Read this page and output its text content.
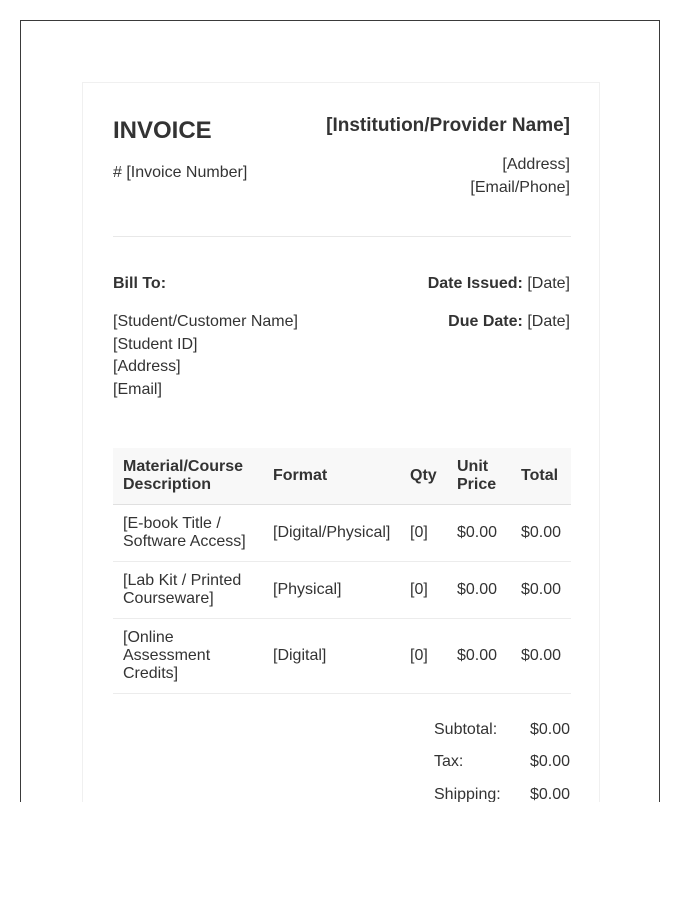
INVOICE
# [Invoice Number]
[Institution/Provider Name]
[Address]
[Email/Phone]
Bill To:
[Student/Customer Name]
[Student ID]
[Address]
[Email]
Date Issued: [Date]
Due Date: [Date]
Material/Course Description	Format	Qty	Unit Price	Total
[E-book Title / Software Access]	[Digital/Physical]	[0]	$0.00	$0.00
[Lab Kit / Printed Courseware]	[Physical]	[0]	$0.00	$0.00
[Online Assessment Credits]	[Digital]	[0]	$0.00	$0.00
Subtotal: $0.00
Tax:	$0.00
Shipping: $0.00
